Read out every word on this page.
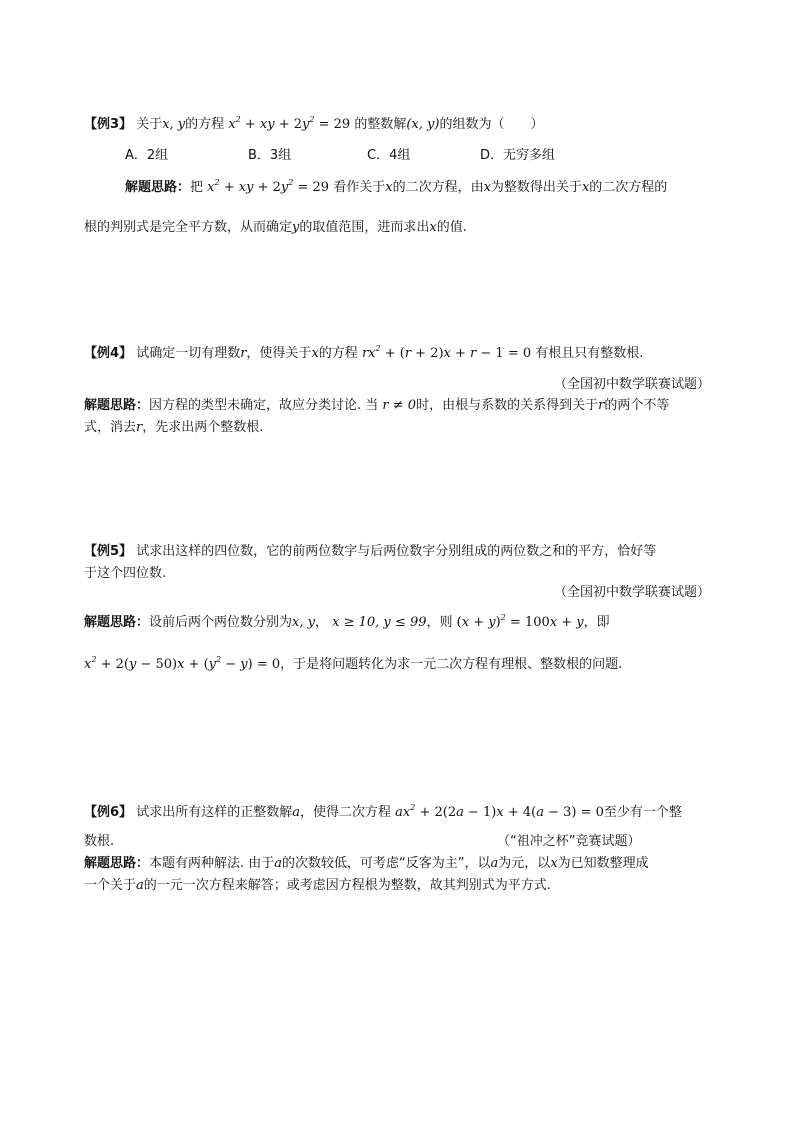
【例3】 关于x, y的方程 $x^2$ + xy + $2y^2 = 29$ 的整数解(x, y)的组数为（　　）
A．2组	B．3组	C．4组	D．无穷多组
解题思路：把 $x^2$ + xy + $2y^2 = 29$ 看作关于x的二次方程，由x为整数得出关于x的二次方程的
根的判别式是完全平方数，从而确定y的取值范围，进而求出x的值.
【例4】 试确定一切有理数r，使得关于x的方程 $rx^2 + (r + 2)x + r - 1 = 0$ 有根且只有整数根.
（全国初中数学联赛试题）
解题思路：因方程的类型未确定，故应分类讨论. 当 r ≠ 0时，由根与系数的关系得到关于r的两个不等
式，消去r，先求出两个整数根.
【例5】 试求出这样的四位数，它的前两位数字与后两位数字分别组成的两位数之和的平方，恰好等
于这个四位数.
（全国初中数学联赛试题）
解题思路：设前后两个两位数分别为x, y， x ≥ 10, y ≤ 99，则 $(x + y)^2 = 100x + y$，即
$x^2 + 2(y - 50)x + (y^2 - y) = 0$，于是将问题转化为求一元二次方程有理根、整数根的问题.
【例6】 试求出所有这样的正整数解a，使得二次方程 $ax^2 + 2(2a - 1)x + 4(a - 3) = 0$至少有一个整
数根.	（“祖冲之杯”竞赛试题）
解题思路：本题有两种解法. 由于a的次数较低，可考虑“反客为主”，以a为元，以x为已知数整理成
一个关于a的一元一次方程来解答；或考虑因方程根为整数，故其判别式为平方式.
